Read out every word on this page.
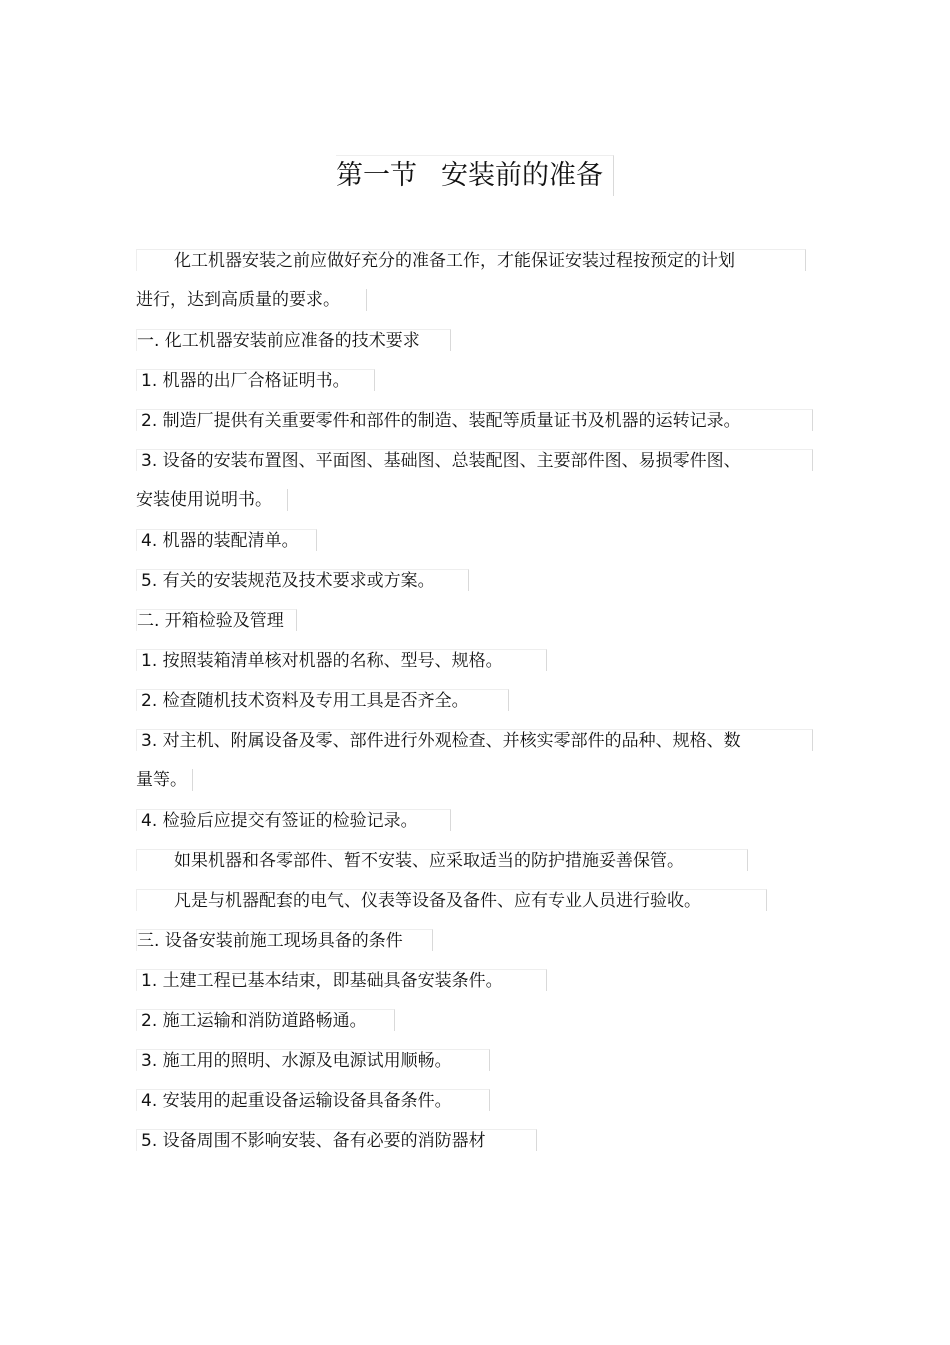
第一节 安装前的准备
化工机器安装之前应做好充分的准备工作，才能保证安装过程按预定的计划
进行，达到高质量的要求。
一. 化工机器安装前应准备的技术要求
1. 机器的出厂合格证明书。
2. 制造厂提供有关重要零件和部件的制造、装配等质量证书及机器的运转记录。
3. 设备的安装布置图、平面图、基础图、总装配图、主要部件图、易损零件图、
安装使用说明书。
4. 机器的装配清单。
5. 有关的安装规范及技术要求或方案。
二. 开箱检验及管理
1. 按照装箱清单核对机器的名称、型号、规格。
2. 检查随机技术资料及专用工具是否齐全。
3. 对主机、附属设备及零、部件进行外观检查、并核实零部件的品种、规格、数
量等。
4. 检验后应提交有签证的检验记录。
如果机器和各零部件、暂不安装、应采取适当的防护措施妥善保管。
凡是与机器配套的电气、仪表等设备及备件、应有专业人员进行验收。
三. 设备安装前施工现场具备的条件
1. 土建工程已基本结束，即基础具备安装条件。
2. 施工运输和消防道路畅通。
3. 施工用的照明、水源及电源试用顺畅。
4. 安装用的起重设备运输设备具备条件。
5. 设备周围不影响安装、备有必要的消防器材
